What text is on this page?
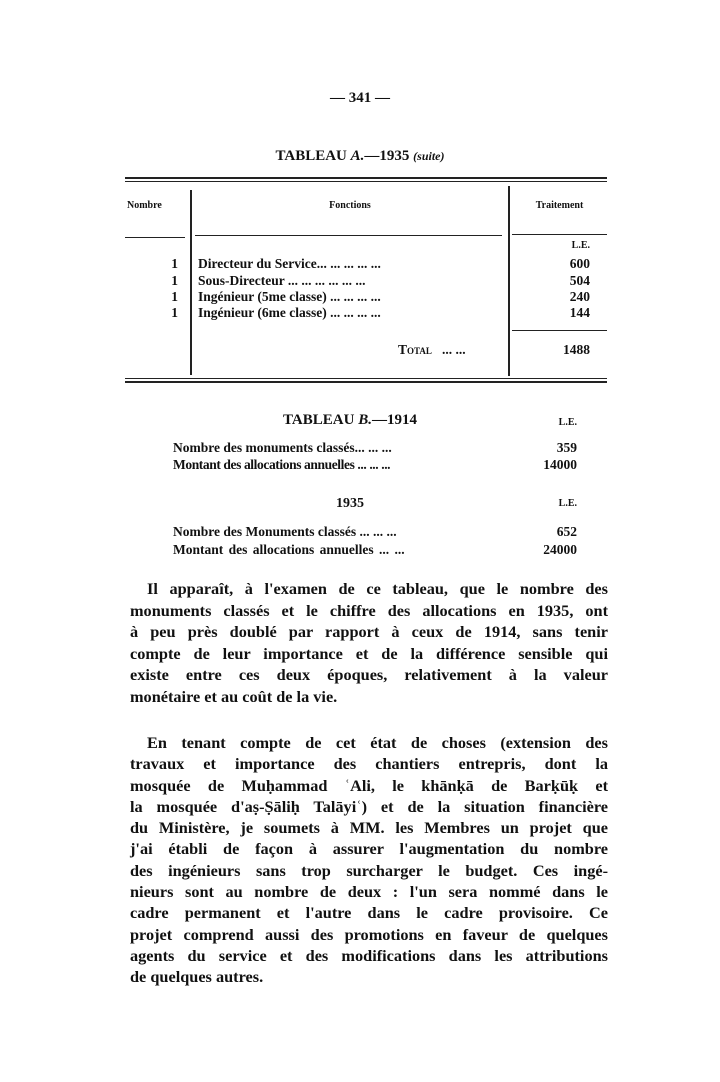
— 341 —
TABLEAU A.—1935 (suite)
Nombre	Fonctions	Traitement
L.E.
1 Directeur du Service... ... ... ... ...	600
1 Sous-Directeur ... ... ... ... ... ...	504
1 Ingénieur (5me classe) ... ... ... ...	240
1 Ingénieur (6me classe) ... ... ... ...	144
Total ... ...	1488
TABLEAU B.—1914	L.E.
Nombre des monuments classés... ... ...	359
Montant des allocations annuelles ... ... ...	14000
1935	L.E.
Nombre des Monuments classés ... ... ...	652
Montant des allocations annuelles ... ...	24000
Il apparaît, à l'examen de ce tableau, que le nombre des
monuments classés et le chiffre des allocations en 1935, ont
à peu près doublé par rapport à ceux de 1914, sans tenir
compte de leur importance et de la différence sensible qui
existe entre ces deux époques, relativement à la valeur
monétaire et au coût de la vie.
En tenant compte de cet état de choses (extension des
travaux et importance des chantiers entrepris, dont la
mosquée de Muḥammad ʿAli, le khānḳā de Barḳūḳ et
la mosquée d'aṣ-Ṣāliḥ Talāyiʿ) et de la situation financière
du Ministère, je soumets à MM. les Membres un projet que
j'ai établi de façon à assurer l'augmentation du nombre
des ingénieurs sans trop surcharger le budget. Ces ingé-
nieurs sont au nombre de deux : l'un sera nommé dans le
cadre permanent et l'autre dans le cadre provisoire. Ce
projet comprend aussi des promotions en faveur de quelques
agents du service et des modifications dans les attributions
de quelques autres.
